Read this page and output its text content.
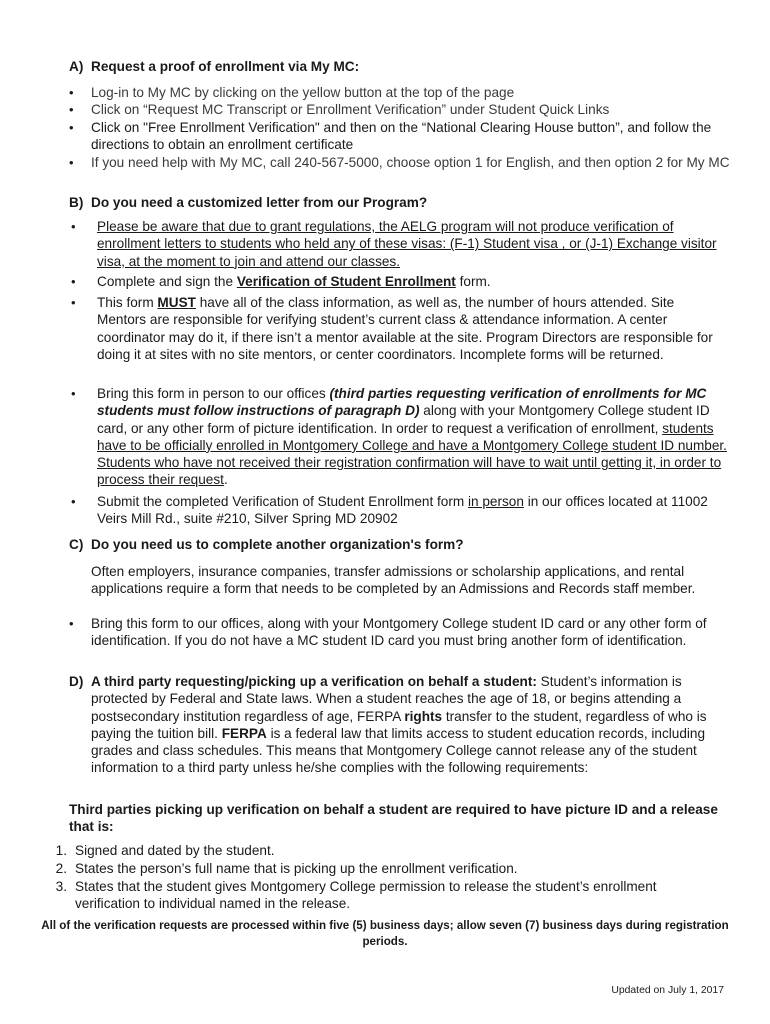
A) Request a proof of enrollment via My MC:
• Log-in to My MC by clicking on the yellow button at the top of the page
• Click on “Request MC Transcript or Enrollment Verification” under Student Quick Links
• Click on "Free Enrollment Verification" and then on the “National Clearing House button”, and follow the directions to obtain an enrollment certificate
• If you need help with My MC, call 240-567-5000, choose option 1 for English, and then option 2 for My MC
B) Do you need a customized letter from our Program?
• Please be aware that due to grant regulations, the AELG program will not produce verification of enrollment letters to students who held any of these visas: (F-1) Student visa , or (J-1) Exchange visitor visa, at the moment to join and attend our classes.
• Complete and sign the Verification of Student Enrollment form.
• This form MUST have all of the class information, as well as, the number of hours attended. Site Mentors are responsible for verifying student’s current class & attendance information. A center coordinator may do it, if there isn’t a mentor available at the site. Program Directors are responsible for doing it at sites with no site mentors, or center coordinators. Incomplete forms will be returned.
• Bring this form in person to our offices (third parties requesting verification of enrollments for MC students must follow instructions of paragraph D) along with your Montgomery College student ID card, or any other form of picture identification. In order to request a verification of enrollment, students have to be officially enrolled in Montgomery College and have a Montgomery College student ID number. Students who have not received their registration confirmation will have to wait until getting it, in order to process their request.
• Submit the completed Verification of Student Enrollment form in person in our offices located at 11002 Veirs Mill Rd., suite #210, Silver Spring MD 20902
C) Do you need us to complete another organization's form?
Often employers, insurance companies, transfer admissions or scholarship applications, and rental applications require a form that needs to be completed by an Admissions and Records staff member.
• Bring this form to our offices, along with your Montgomery College student ID card or any other form of identification. If you do not have a MC student ID card you must bring another form of identification.
D) A third party requesting/picking up a verification on behalf a student: Student’s information is protected by Federal and State laws. When a student reaches the age of 18, or begins attending a postsecondary institution regardless of age, FERPA rights transfer to the student, regardless of who is paying the tuition bill. FERPA is a federal law that limits access to student education records, including grades and class schedules. This means that Montgomery College cannot release any of the student information to a third party unless he/she complies with the following requirements:
Third parties picking up verification on behalf a student are required to have picture ID and a release that is:
1. Signed and dated by the student.
2. States the person’s full name that is picking up the enrollment verification.
3. States that the student gives Montgomery College permission to release the student’s enrollment verification to individual named in the release.
All of the verification requests are processed within five (5) business days; allow seven (7) business days during registration periods.
Updated on July 1, 2017
